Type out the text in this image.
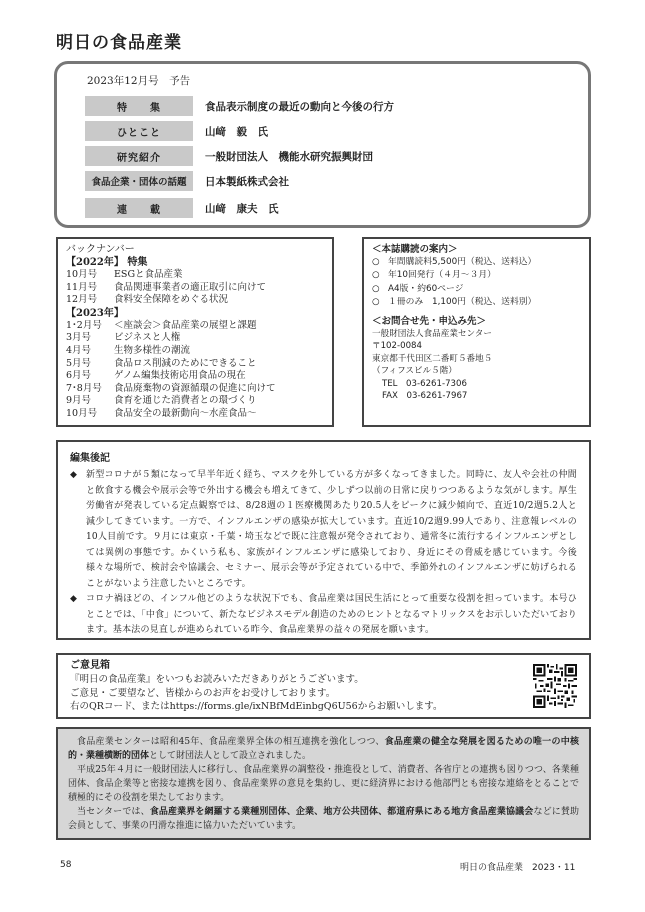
明日の食品産業
2023年12月号　予告
特　　集	食品表示制度の最近の動向と今後の行方
ひとこと	山﨑　毅　氏
研究紹介	一般財団法人　機能水研究振興財団
食品企業・団体の話題	日本製紙株式会社
連　　載	山﨑　康夫　氏
バックナンバー
【2022年】 特集
10月号	ESGと食品産業
11月号	食品関連事業者の適正取引に向けて
12月号	食料安全保障をめぐる状況
【2023年】
1･2月号	＜座談会＞食品産業の展望と課題
3月号	ビジネスと人権
4月号	生物多様性の潮流
5月号	食品ロス削減のためにできること
6月号	ゲノム編集技術応用食品の現在
7･8月号	食品廃棄物の資源循環の促進に向けて
9月号	食育を通じた消費者との環づくり
10月号	食品安全の最新動向～水産食品～
＜本誌購読の案内＞
○ 年間購読料5,500円（税込、送料込）
○ 年10回発行（４月～３月）
○ A4版・約60ページ
○ １冊のみ　1,100円（税込、送料別）
＜お問合せ先・申込み先＞
一般財団法人食品産業センター
〒102-0084
東京都千代田区二番町５番地５
（フィフスビル５階）
TEL　03-6261-7306
FAX　03-6261-7967
編集後記
◆ 新型コロナが５類になって早半年近く経ち、マスクを外している方が多くなってきました。同時に、友人や会社の仲間と飲食する機会や展示会等で外出する機会も増えてきて、少しずつ以前の日常に戻りつつあるような気がします。厚生労働省が発表している定点観察では、8/28週の１医療機関あたり20.5人をピークに減少傾向で、直近10/2週5.2人と減少してきています。一方で、インフルエンザの感染が拡大しています。直近10/2週9.99人であり、注意報レベルの10人目前です。９月には東京・千葉・埼玉などで既に注意報が発令されており、通常冬に流行するインフルエンザとしては異例の事態です。かくいう私も、家族がインフルエンザに感染しており、身近にその脅威を感じています。今後様々な場所で、検討会や協議会、セミナー、展示会等が予定されている中で、季節外れのインフルエンザに妨げられることがないよう注意したいところです。
◆ コロナ禍ほどの、インフル他どのような状況下でも、食品産業は国民生活にとって重要な役割を担っています。本号ひとことでは、「中食」について、新たなビジネスモデル創造のためのヒントとなるマトリックスをお示しいただいております。基本法の見直しが進められている昨今、食品産業界の益々の発展を願います。
ご意見箱
『明日の食品産業』をいつもお読みいただきありがとうございます。
ご意見・ご要望など、皆様からのお声をお受けしております。
右のQRコード、またはhttps://forms.gle/ixNBfMdEinbgQ6U56からお願いします。
食品産業センターは昭和45年、食品産業界全体の相互連携を強化しつつ、食品産業の健全な発展を図るための唯一の中核的・業種横断的団体として財団法人として設立されました。
平成25年４月に一般財団法人に移行し、食品産業界の調整役・推進役として、消費者、各省庁との連携も図りつつ、各業種団体、食品企業等と密接な連携を図り、食品産業界の意見を集約し、更に経済界における他部門とも密接な連絡をとることで積極的にその役割を果たしております。
当センターでは、食品産業界を網羅する業種別団体、企業、地方公共団体、都道府県にある地方食品産業協議会などに賛助会員として、事業の円滑な推進に協力いただいています。
58	明日の食品産業　2023・11
